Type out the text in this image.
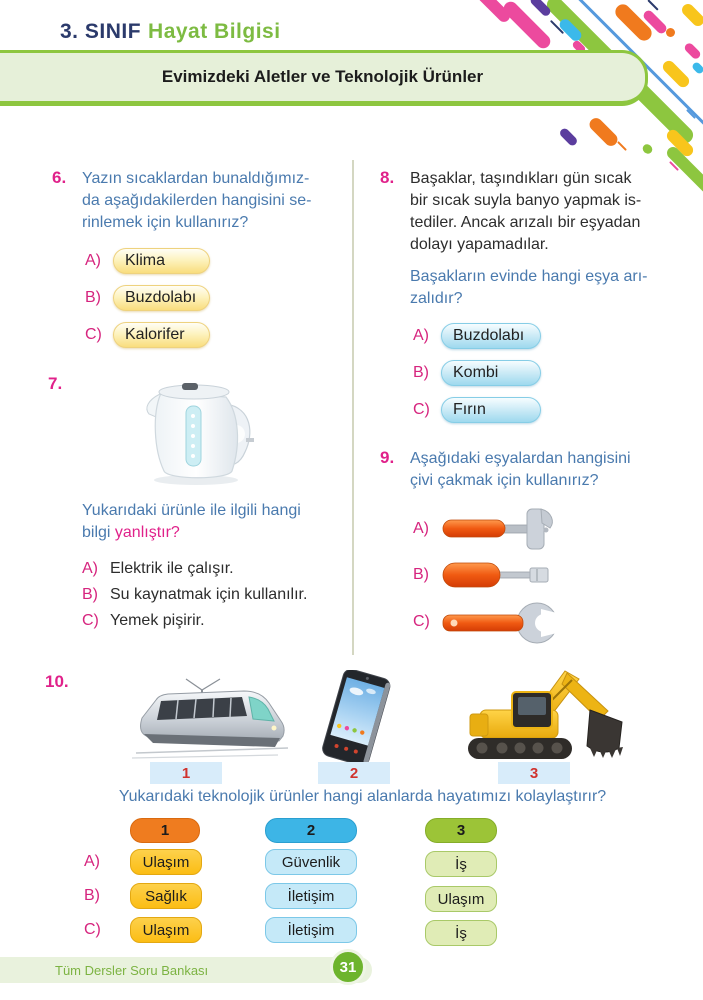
3. SINIF Hayat Bilgisi
Evimizdeki Aletler ve Teknolojik Ürünler
6. Yazın sıcaklardan bunaldığımız-
da aşağıdakilerden hangisini se-
rinlemek için kullanırız?
A)	Klima
B)	Buzdolabı
C)	Kalorifer
7.
Yukarıdaki ürünle ile ilgili hangi
bilgi yanlıştır?
A) Elektrik ile çalışır.
B) Su kaynatmak için kullanılır.
C) Yemek pişirir.
8. Başaklar, taşındıkları gün sıcak
bir sıcak suyla banyo yapmak is-
tediler. Ancak arızalı bir eşyadan
dolayı yapamadılar.
Başakların evinde hangi eşya arı-
zalıdır?
A)	Buzdolabı
B)	Kombi
C)	Fırın
9. Aşağıdaki eşyalardan hangisini
çivi çakmak için kullanırız?
A)
B)
C)
10.
1	2	3
Yukarıdaki teknolojik ürünler hangi alanlarda hayatımızı kolaylaştırır?
1	2	3
A)	Ulaşım	Güvenlik	İş
B)	Sağlık	İletişim	Ulaşım
C)	Ulaşım	İletişim	İş
Tüm Dersler Soru Bankası	31
